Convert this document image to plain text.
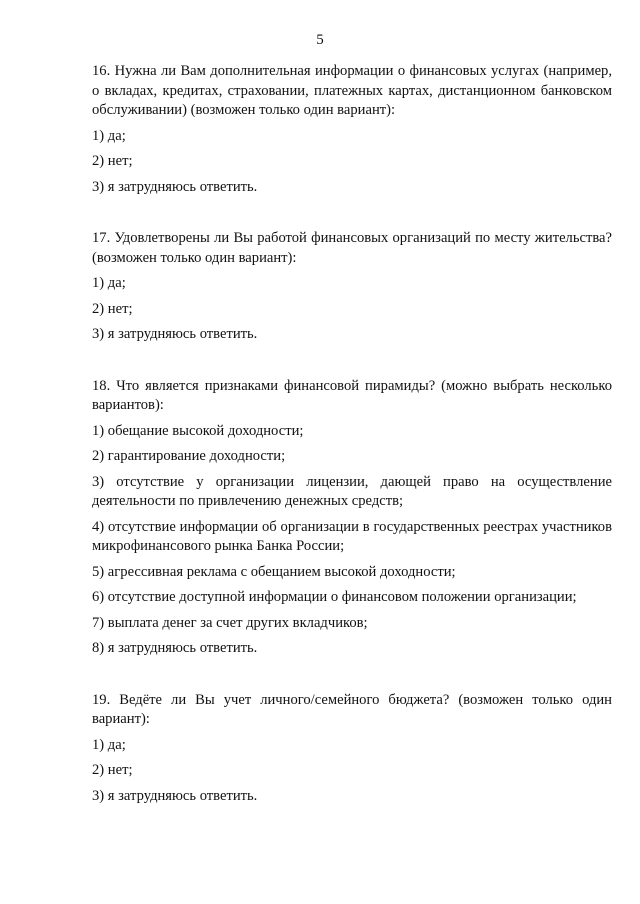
5

16. Нужна ли Вам дополнительная информации о финансовых услугах (например, о вкладах, кредитах, страховании, платежных картах, дистанционном банковском обслуживании) (возможен только один вариант):

1) да;

2) нет;

3) я затрудняюсь ответить.

17. Удовлетворены ли Вы работой финансовых организаций по месту жительства? (возможен только один вариант):

1) да;

2) нет;

3) я затрудняюсь ответить.

18. Что является признаками финансовой пирамиды? (можно выбрать несколько вариантов):

1) обещание высокой доходности;

2) гарантирование доходности;

3) отсутствие у организации лицензии, дающей право на осуществление деятельности по привлечению денежных средств;

4) отсутствие информации об организации в государственных реестрах участников микрофинансового рынка Банка России;

5) агрессивная реклама с обещанием высокой доходности;

6) отсутствие доступной информации о финансовом положении организации;

7) выплата денег за счет других вкладчиков;

8) я затрудняюсь ответить.

19. Ведёте ли Вы учет личного/семейного бюджета? (возможен только один вариант):

1) да;

2) нет;

3) я затрудняюсь ответить.
